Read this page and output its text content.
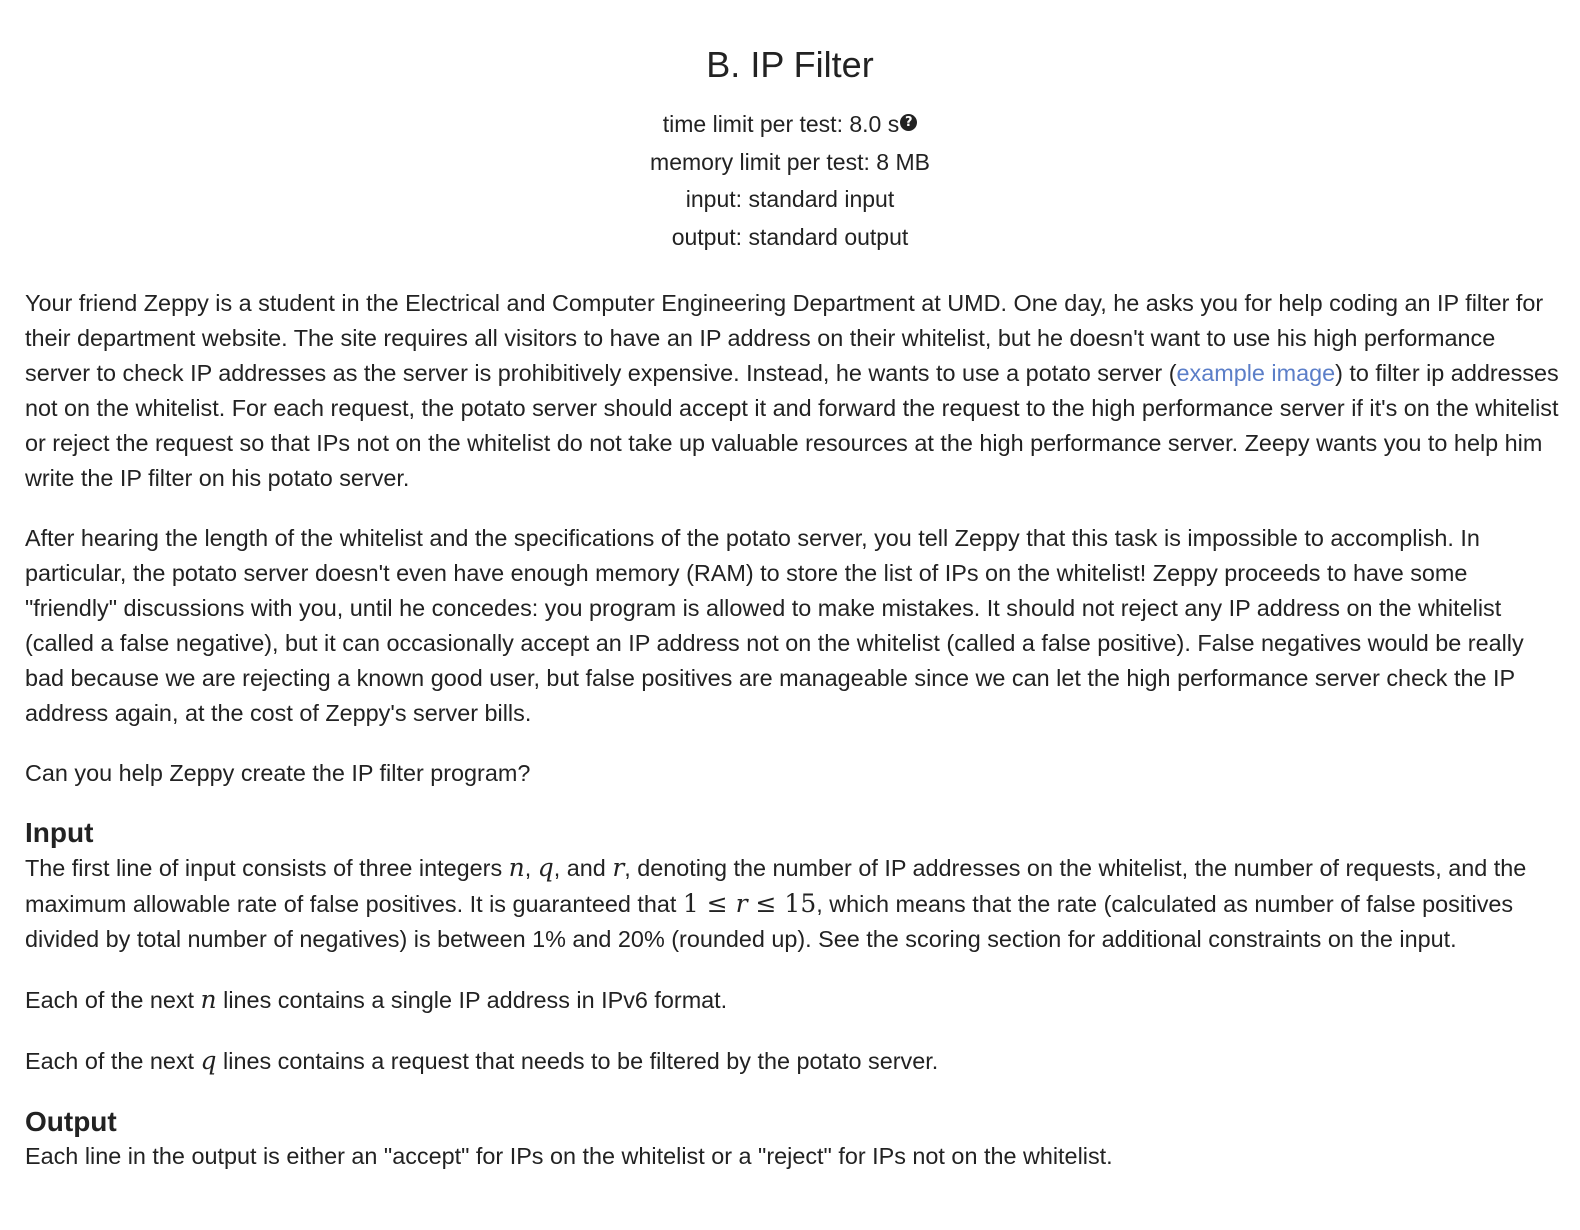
B. IP Filter
time limit per test: 8.0 s ?
memory limit per test: 8 MB
input: standard input
output: standard output

Your friend Zeppy is a student in the Electrical and Computer Engineering Department at UMD. One day, he asks you for help coding an IP filter for their department website. The site requires all visitors to have an IP address on their whitelist, but he doesn't want to use his high performance server to check IP addresses as the server is prohibitively expensive. Instead, he wants to use a potato server (example image) to filter ip addresses not on the whitelist. For each request, the potato server should accept it and forward the request to the high performance server if it's on the whitelist or reject the request so that IPs not on the whitelist do not take up valuable resources at the high performance server. Zeepy wants you to help him write the IP filter on his potato server.

After hearing the length of the whitelist and the specifications of the potato server, you tell Zeppy that this task is impossible to accomplish. In particular, the potato server doesn't even have enough memory (RAM) to store the list of IPs on the whitelist! Zeppy proceeds to have some "friendly" discussions with you, until he concedes: you program is allowed to make mistakes. It should not reject any IP address on the whitelist (called a false negative), but it can occasionally accept an IP address not on the whitelist (called a false positive). False negatives would be really bad because we are rejecting a known good user, but false positives are manageable since we can let the high performance server check the IP address again, at the cost of Zeppy's server bills.

Can you help Zeppy create the IP filter program?

Input

The first line of input consists of three integers n, q, and r, denoting the number of IP addresses on the whitelist, the number of requests, and the maximum allowable rate of false positives. It is guaranteed that 1 ≤ r ≤ 15, which means that the rate (calculated as number of false positives divided by total number of negatives) is between 1% and 20% (rounded up). See the scoring section for additional constraints on the input.

Each of the next n lines contains a single IP address in IPv6 format.

Each of the next q lines contains a request that needs to be filtered by the potato server.

Output

Each line in the output is either an "accept" for IPs on the whitelist or a "reject" for IPs not on the whitelist.
